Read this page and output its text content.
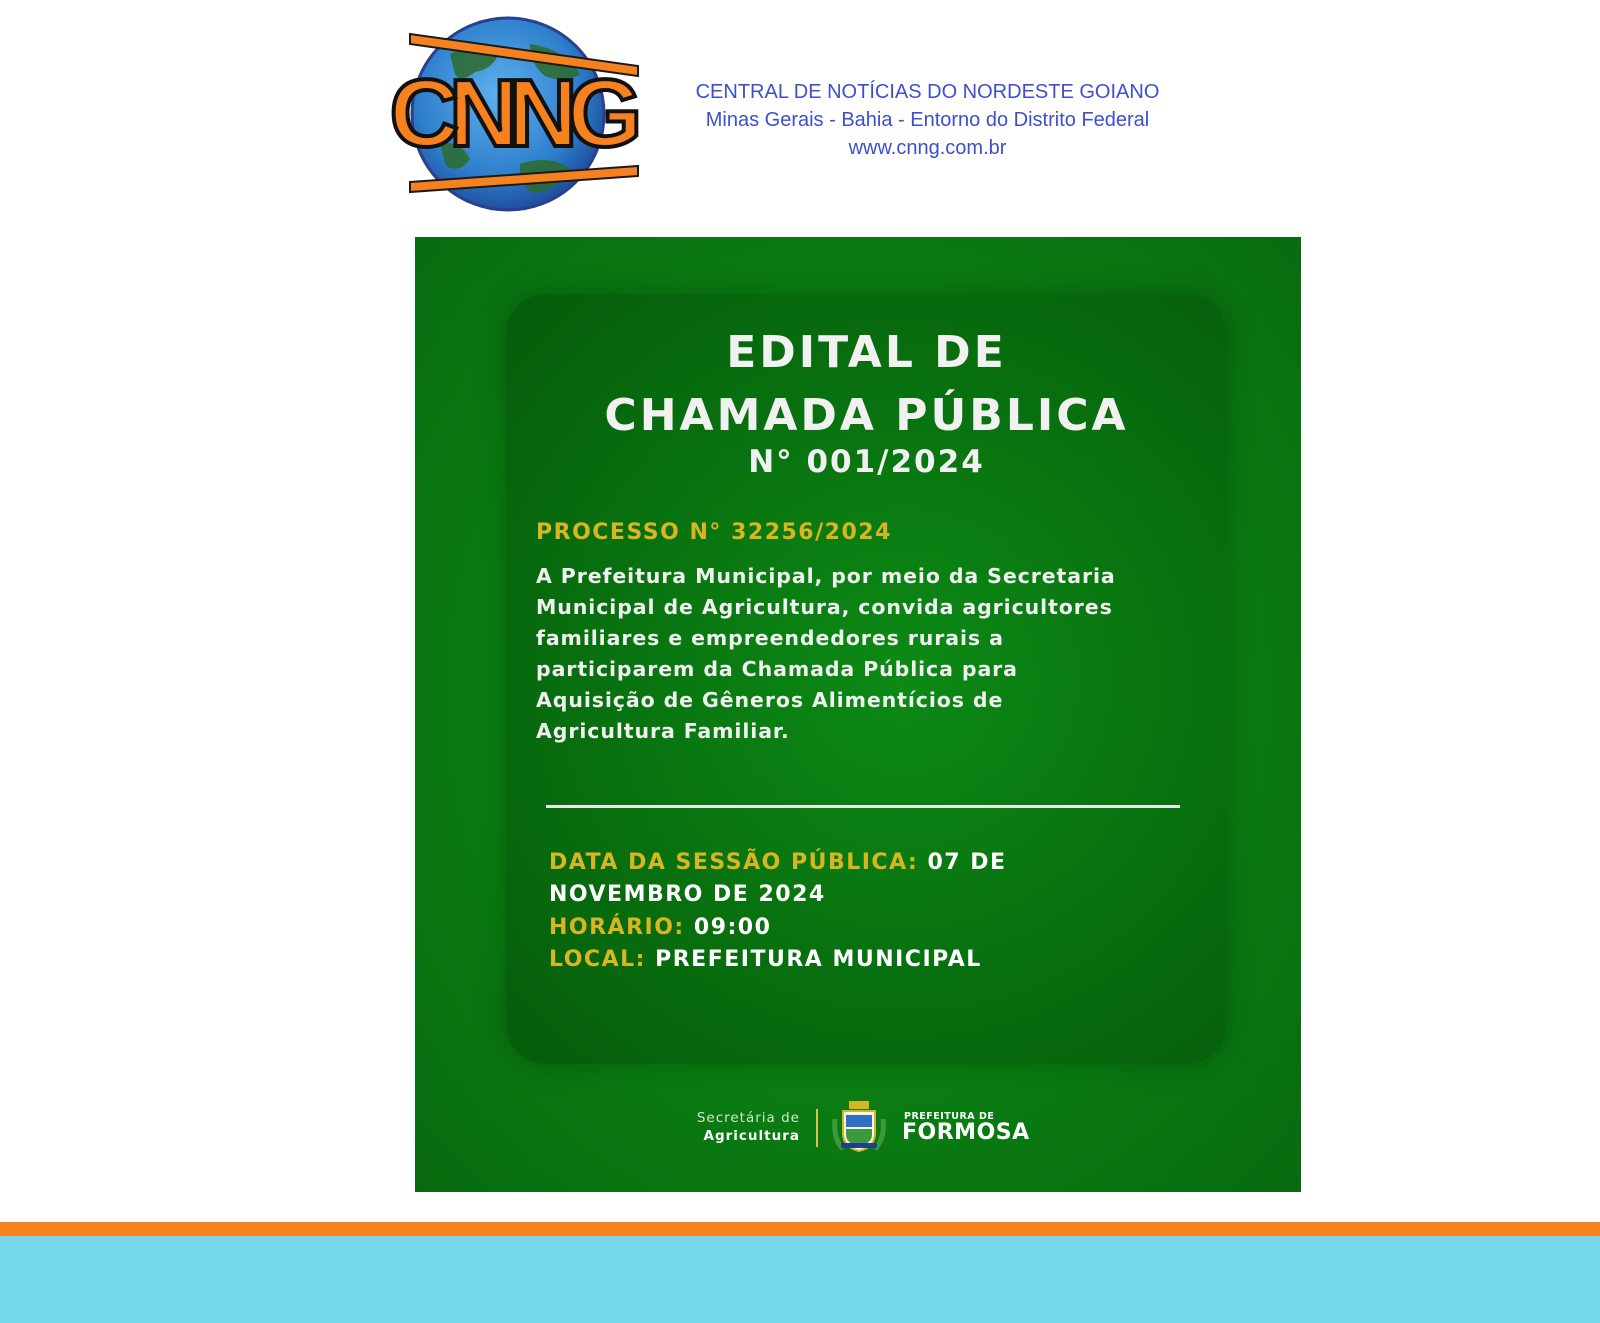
CNNG	CENTRAL DE NOTÍCIAS DO NORDESTE GOIANO
Minas Gerais - Bahia - Entorno do Distrito Federal
www.cnng.com.br
EDITAL DE
CHAMADA PÚBLICA
N° 001/2024
PROCESSO N° 32256/2024
A Prefeitura Municipal, por meio da Secretaria
Municipal de Agricultura, convida agricultores
familiares e empreendedores rurais a
participarem da Chamada Pública para
Aquisição de Gêneros Alimentícios de
Agricultura Familiar.
DATA DA SESSÃO PÚBLICA: 07 DE
NOVEMBRO DE 2024
HORÁRIO: 09:00
LOCAL: PREFEITURA MUNICIPAL
Secretária de
Agricultura
PREFEITURA DE
FORMOSA
